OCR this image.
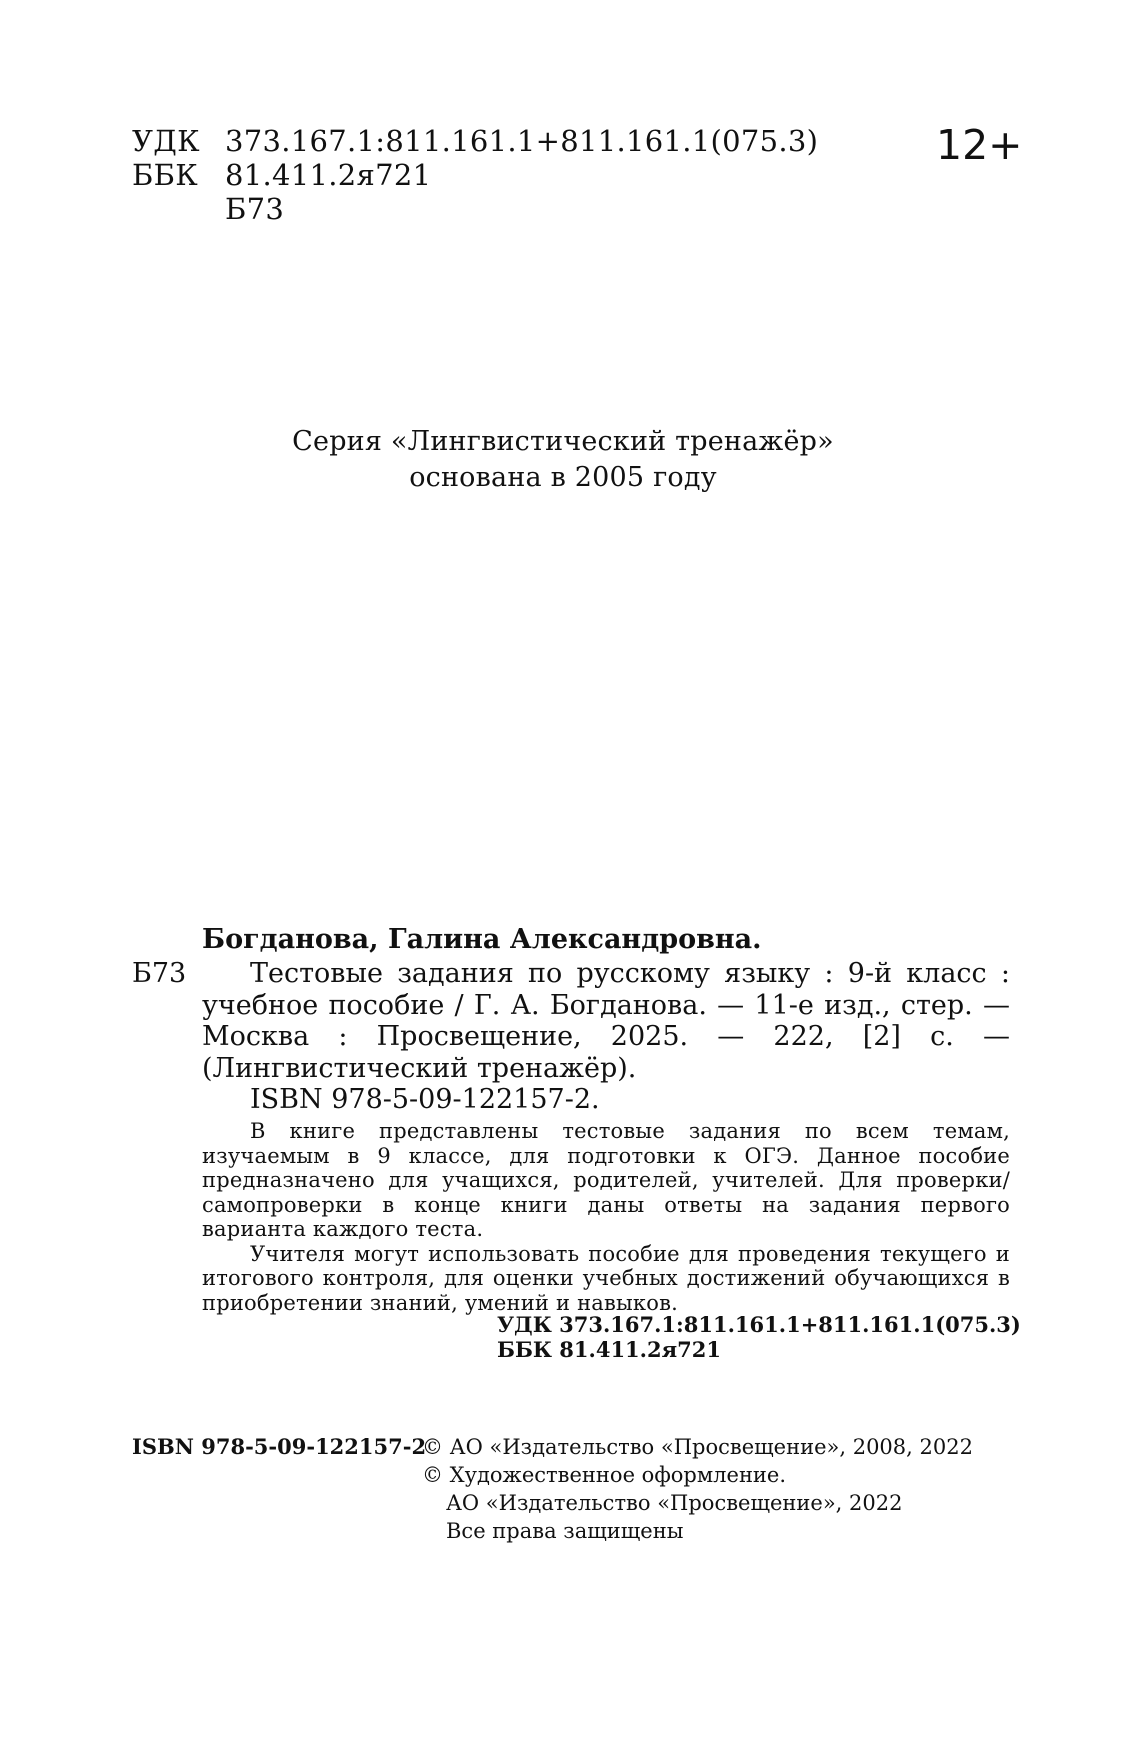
УДК 373.167.1:811.161.1+811.161.1(075.3)
ББК 81.411.2я721
Б73
12+
Серия «Лингвистический тренажёр»
основана в 2005 году
Богданова, Галина Александровна.
Б73	Тестовые задания по русскому языку : 9-й класс : учебное пособие / Г. А. Богданова. — 11-е изд., стер. — Москва : Просвещение, 2025. — 222, [2] с. — (Лингвистический тренажёр).
ISBN 978-5-09-122157-2.

В книге представлены тестовые задания по всем темам, изучаемым в 9 классе, для подготовки к ОГЭ. Данное пособие предназначено для учащихся, родителей, учителей. Для проверки/ самопроверки в конце книги даны ответы на задания первого варианта каждого теста.

Учителя могут использовать пособие для проведения текущего и итогового контроля, для оценки учебных достижений обучающихся в приобретении знаний, умений и навыков.

УДК 373.167.1:811.161.1+811.161.1(075.3)
ББК 81.411.2я721
ISBN 978-5-09-122157-2
© АО «Издательство «Просвещение», 2008, 2022
© Художественное оформление.
АО «Издательство «Просвещение», 2022
Все права защищены
